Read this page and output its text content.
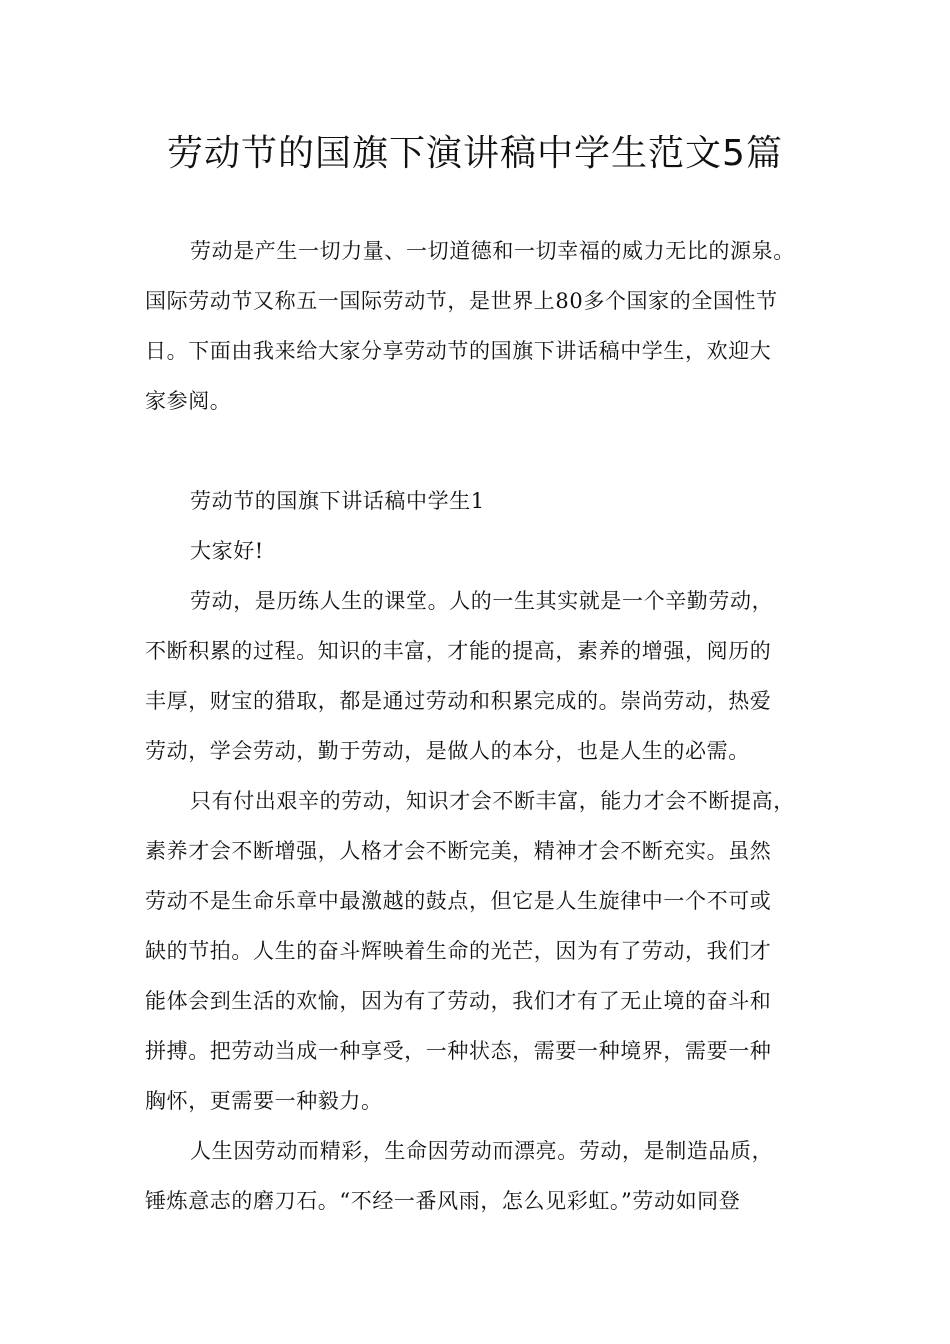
劳动节的国旗下演讲稿中学生范文5篇
劳动是产生一切力量、一切道德和一切幸福的威力无比的源泉。
国际劳动节又称五一国际劳动节，是世界上80多个国家的全国性节
日。下面由我来给大家分享劳动节的国旗下讲话稿中学生，欢迎大
家参阅。
劳动节的国旗下讲话稿中学生1
大家好!
劳动，是历练人生的课堂。人的一生其实就是一个辛勤劳动，
不断积累的过程。知识的丰富，才能的提高，素养的增强，阅历的
丰厚，财宝的猎取，都是通过劳动和积累完成的。崇尚劳动，热爱
劳动，学会劳动，勤于劳动，是做人的本分，也是人生的必需。
只有付出艰辛的劳动，知识才会不断丰富，能力才会不断提高，
素养才会不断增强，人格才会不断完美，精神才会不断充实。虽然
劳动不是生命乐章中最激越的鼓点，但它是人生旋律中一个不可或
缺的节拍。人生的奋斗辉映着生命的光芒，因为有了劳动，我们才
能体会到生活的欢愉，因为有了劳动，我们才有了无止境的奋斗和
拼搏。把劳动当成一种享受，一种状态，需要一种境界，需要一种
胸怀，更需要一种毅力。
人生因劳动而精彩，生命因劳动而漂亮。劳动，是制造品质，
锤炼意志的磨刀石。“不经一番风雨，怎么见彩虹。”劳动如同登
